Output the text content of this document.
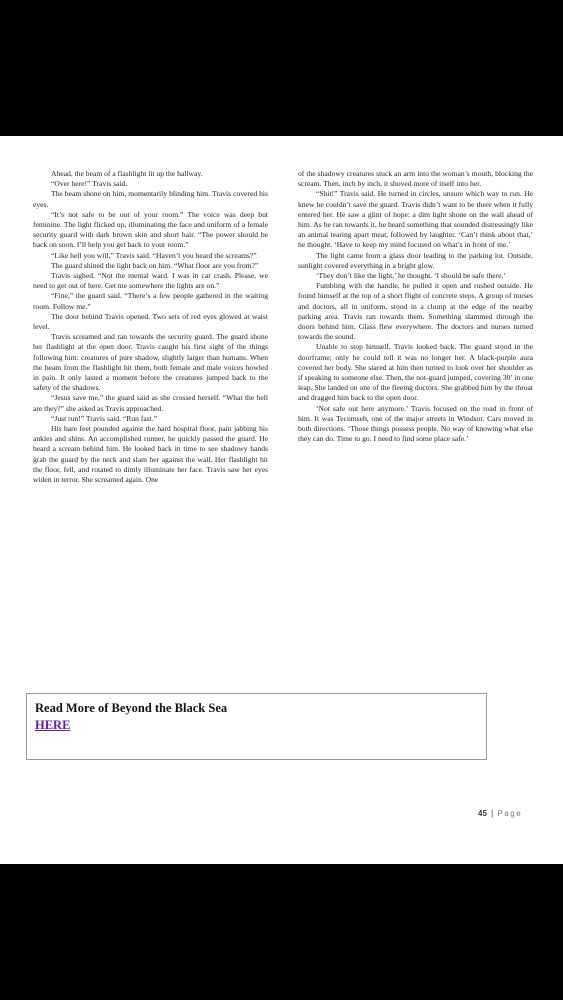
Ahead, the beam of a flashlight lit up the hallway.

“Over here!” Travis said.

The beam shone on him, momentarily blinding him. Travis covered his eyes.

“It’s not safe to be out of your room.” The voice was deep but feminine. The light flicked up, illuminating the face and uniform of a female security guard with dark brown skin and short hair. “The power should be back on soon. I’ll help you get back to your room.”

“Like hell you will,” Travis said. “Haven’t you heard the screams?”

The guard shined the light back on him. “What floor are you from?”

Travis sighed. “Not the mental ward. I was in car crash. Please, we need to get out of here. Get me somewhere the lights are on.”

“Fine,” the guard said. “There’s a few people gathered in the waiting room. Follow me.”

The door behind Travis opened. Two sets of red eyes glowed at waist level.

Travis screamed and ran towards the security guard. The guard shone her flashlight at the open door. Travis caught his first sight of the things following him: creatures of pure shadow, slightly larger than humans. When the beam from the flashlight hit them, both female and male voices howled in pain. It only lasted a moment before the creatures jumped back to the safety of the shadows.

“Jesus save me,” the guard said as she crossed herself. “What the hell are they?” she asked as Travis approached.

“Just run!” Travis said. “Run fast.”

His bare feet pounded against the hard hospital floor, pain jabbing his ankles and shins. An accomplished runner, he quickly passed the guard. He heard a scream behind him. He looked back in time to see shadowy hands grab the guard by the neck and slam her against the wall. Her flashlight hit the floor, fell, and rotated to dimly illuminate her face. Travis saw her eyes widen in terror. She screamed again. One

of the shadowy creatures stuck an arm into the woman’s mouth, blocking the scream. Then, inch by inch, it shoved more of itself into her.

“Shit!” Travis said. He turned in circles, unsure which way to run. He knew he couldn’t save the guard. Travis didn’t want to be there when it fully entered her. He saw a glint of hope: a dim light shone on the wall ahead of him. As he ran towards it, he heard something that sounded distressingly like an animal tearing apart meat, followed by laughter. ‘Can’t think about that,’ he thought. ‘Have to keep my mind focused on what’s in front of me.’

The light came from a glass door leading to the parking lot. Outside, sunlight covered everything in a bright glow.

‘They don’t like the light,’ he thought. ‘I should be safe there.’

Fumbling with the handle, he pulled it open and rushed outside. He found himself at the top of a short flight of concrete steps. A group of nurses and doctors, all in uniform, stood in a clump at the edge of the nearby parking area. Travis ran towards them. Something slammed through the doors behind him. Glass flew everywhere. The doctors and nurses turned towards the sound.

Unable to stop himself, Travis looked back. The guard stood in the doorframe; only he could tell it was no longer her. A black-purple aura covered her body. She stared at him then turned to look over her shoulder as if speaking to someone else. Then, the not-guard jumped, covering 30’ in one leap. She landed on one of the fleeing doctors. She grabbed him by the throat and dragged him back to the open door.

‘Not safe out here anymore.’ Travis focused on the road in front of him. It was Tecumseh, one of the major streets in Windsor. Cars moved in both directions. ‘Those things possess people. No way of knowing what else they can do. Time to go. I need to find some place safe.’

Read More of Beyond the Black Sea
HERE
45 | Page
